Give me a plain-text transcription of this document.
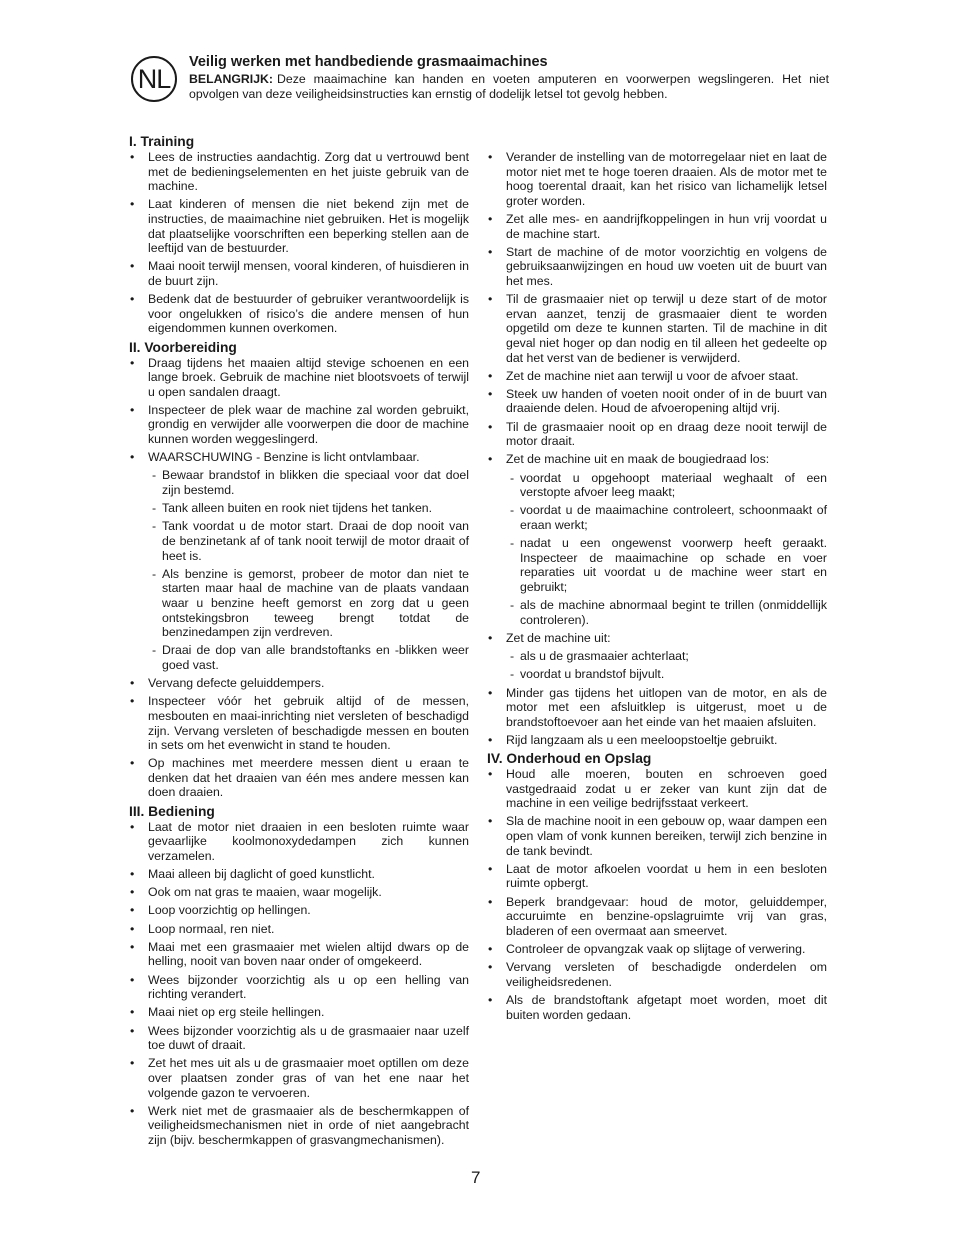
NL

Veilig werken met handbediende grasmaaimachines

BELANGRIJK: Deze maaimachine kan handen en voeten amputeren en voorwerpen wegslingeren. Het niet opvolgen van deze veiligheidsinstructies kan ernstig of dodelijk letsel tot gevolg hebben.

I. Training

• Lees de instructies aandachtig. Zorg dat u vertrouwd bent met de bedieningselementen en het juiste gebruik van de machine.
• Laat kinderen of mensen die niet bekend zijn met de instructies, de maaimachine niet gebruiken. Het is mogelijk dat plaatselijke voorschriften een beperking stellen aan de leeftijd van de bestuurder.
• Maai nooit terwijl mensen, vooral kinderen, of huisdieren in de buurt zijn.
• Bedenk dat de bestuurder of gebruiker verantwoordelijk is voor ongelukken of risico’s die andere mensen of hun eigendommen kunnen overkomen.

II. Voorbereiding

• Draag tijdens het maaien altijd stevige schoenen en een lange broek. Gebruik de machine niet blootsvoets of terwijl u open sandalen draagt.
• Inspecteer de plek waar de machine zal worden gebruikt, grondig en verwijder alle voorwerpen die door de machine kunnen worden weggeslingerd.
• WAARSCHUWING - Benzine is licht ontvlambaar.
- Bewaar brandstof in blikken die speciaal voor dat doel zijn bestemd.
- Tank alleen buiten en rook niet tijdens het tanken.
- Tank voordat u de motor start. Draai de dop nooit van de benzinetank af of tank nooit terwijl de motor draait of heet is.
- Als benzine is gemorst, probeer de motor dan niet te starten maar haal de machine van de plaats vandaan waar u benzine heeft gemorst en zorg dat u geen ontstekingsbron teweeg brengt totdat de benzinedampen zijn verdreven.
- Draai de dop van alle brandstoftanks en -blikken weer goed vast.
• Vervang defecte geluiddempers.
• Inspecteer vóór het gebruik altijd of de messen, mesbouten en maai-inrichting niet versleten of beschadigd zijn. Vervang versleten of beschadigde messen en bouten in sets om het evenwicht in stand te houden.
• Op machines met meerdere messen dient u eraan te denken dat het draaien van één mes andere messen kan doen draaien.

III. Bediening

• Laat de motor niet draaien in een besloten ruimte waar gevaarlijke koolmonoxydedampen zich kunnen verzamelen.
• Maai alleen bij daglicht of goed kunstlicht.
• Ook om nat gras te maaien, waar mogelijk.
• Loop voorzichtig op hellingen.
• Loop normaal, ren niet.
• Maai met een grasmaaier met wielen altijd dwars op de helling, nooit van boven naar onder of omgekeerd.
• Wees bijzonder voorzichtig als u op een helling van richting verandert.
• Maai niet op erg steile hellingen.
• Wees bijzonder voorzichtig als u de grasmaaier naar uzelf toe duwt of draait.
• Zet het mes uit als u de grasmaaier moet optillen om deze over plaatsen zonder gras of van het ene naar het volgende gazon te vervoeren.
• Werk niet met de grasmaaier als de beschermkappen of veiligheidsmechanismen niet in orde of niet aangebracht zijn (bijv. beschermkappen of grasvangmechanismen).
• Verander de instelling van de motorregelaar niet en laat de motor niet met te hoge toeren draaien. Als de motor met te hoog toerental draait, kan het risico van lichamelijk letsel groter worden.
• Zet alle mes- en aandrijfkoppelingen in hun vrij voordat u de machine start.
• Start de machine of de motor voorzichtig en volgens de gebruiksaanwijzingen en houd uw voeten uit de buurt van het mes.
• Til de grasmaaier niet op terwijl u deze start of de motor ervan aanzet, tenzij de grasmaaier dient te worden opgetild om deze te kunnen starten. Til de machine in dit geval niet hoger op dan nodig en til alleen het gedeelte op dat het verst van de bediener is verwijderd.
• Zet de machine niet aan terwijl u voor de afvoer staat.
• Steek uw handen of voeten nooit onder of in de buurt van draaiende delen. Houd de afvoeropening altijd vrij.
• Til de grasmaaier nooit op en draag deze nooit terwijl de motor draait.
• Zet de machine uit en maak de bougiedraad los:
- voordat u opgehoopt materiaal weghaalt of een verstopte afvoer leeg maakt;
- voordat u de maaimachine controleert, schoonmaakt of eraan werkt;
- nadat u een ongewenst voorwerp heeft geraakt. Inspecteer de maaimachine op schade en voer reparaties uit voordat u de machine weer start en gebruikt;
- als de machine abnormaal begint te trillen (onmiddellijk controleren).
• Zet de machine uit:
- als u de grasmaaier achterlaat;
- voordat u brandstof bijvult.
• Minder gas tijdens het uitlopen van de motor, en als de motor met een afsluitklep is uitgerust, moet u de brandstoftoevoer aan het einde van het maaien afsluiten.
• Rijd langzaam als u een meeloopstoeltje gebruikt.

IV. Onderhoud en Opslag

• Houd alle moeren, bouten en schroeven goed vastgedraaid zodat u er zeker van kunt zijn dat de machine in een veilige bedrijfsstaat verkeert.
• Sla de machine nooit in een gebouw op, waar dampen een open vlam of vonk kunnen bereiken, terwijl zich benzine in de tank bevindt.
• Laat de motor afkoelen voordat u hem in een besloten ruimte opbergt.
• Beperk brandgevaar: houd de motor, geluiddemper, accuruimte en benzine-opslagruimte vrij van gras, bladeren of een overmaat aan smeervet.
• Controleer de opvangzak vaak op slijtage of verwering.
• Vervang versleten of beschadigde onderdelen om veiligheidsredenen.
• Als de brandstoftank afgetapt moet worden, moet dit buiten worden gedaan.
7
